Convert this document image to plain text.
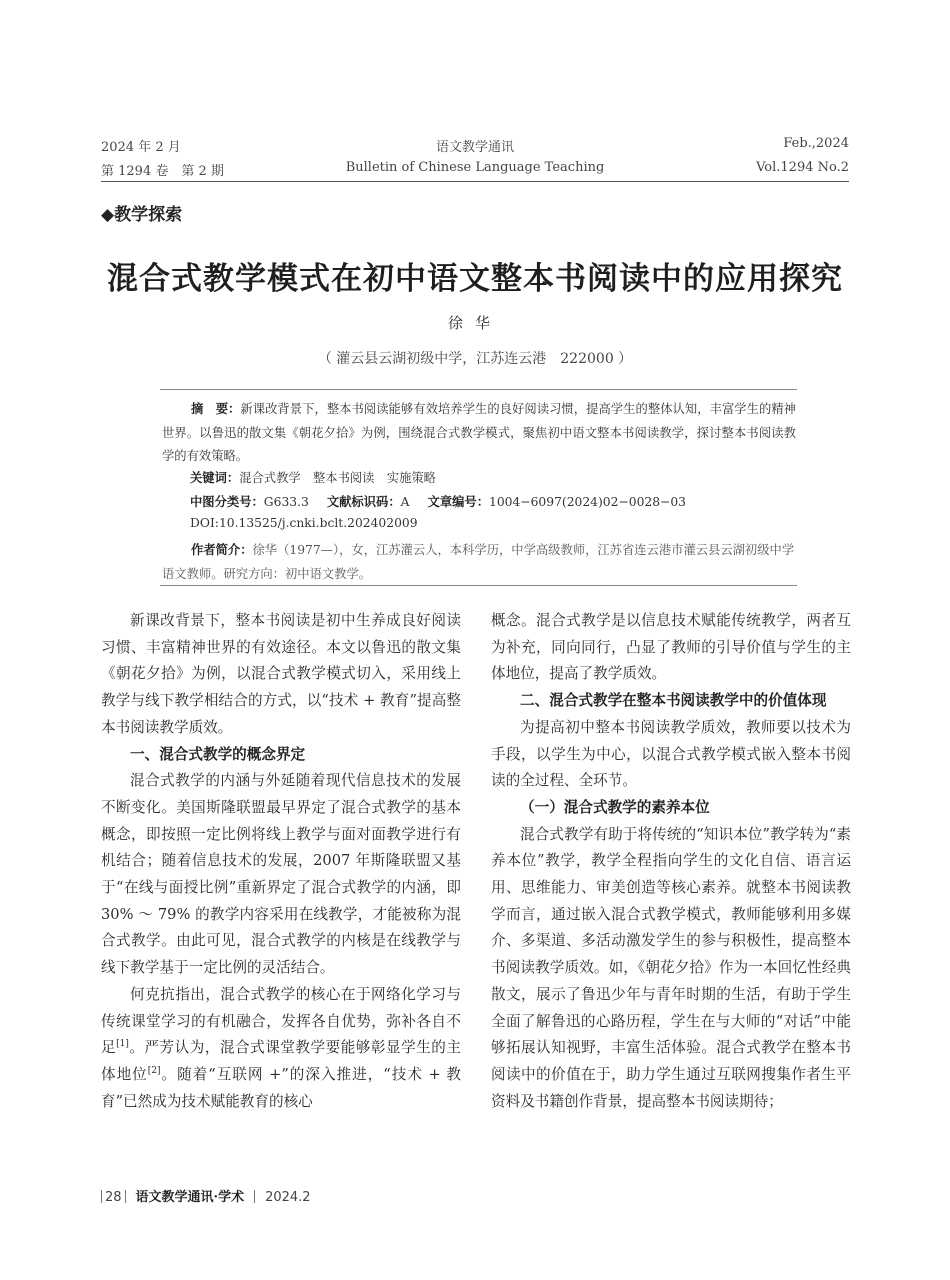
2024 年 2 月
第 1294 卷　第 2 期
语文教学通讯
Bulletin of Chinese Language Teaching
Feb.,2024
Vol.1294 No.2
◆教学探索
混合式教学模式在初中语文整本书阅读中的应用探究
徐华
（ 灌云县云湖初级中学，江苏连云港　222000 ）

摘　要：新课改背景下，整本书阅读能够有效培养学生的良好阅读习惯，提高学生的整体认知，丰富学生的精神世界。以鲁迅的散文集《朝花夕拾》为例，围绕混合式教学模式，聚焦初中语文整本书阅读教学，探讨整本书阅读教学的有效策略。

关键词：混合式教学　整本书阅读　实施策略
中图分类号：G633.3 文献标识码：A 文章编号：1004−6097(2024)02−0028−03
DOI:10.13525/j.cnki.bclt.202402009

作者简介：徐华（1977—），女，江苏灌云人，本科学历，中学高级教师，江苏省连云港市灌云县云湖初级中学语文教师。研究方向：初中语文教学。

新课改背景下，整本书阅读是初中生养成良好阅读习惯、丰富精神世界的有效途径。本文以鲁迅的散文集《朝花夕拾》为例，以混合式教学模式切入，采用线上教学与线下教学相结合的方式，以“技术 + 教育”提高整本书阅读教学质效。

一、混合式教学的概念界定

混合式教学的内涵与外延随着现代信息技术的发展不断变化。美国斯隆联盟最早界定了混合式教学的基本概念，即按照一定比例将线上教学与面对面教学进行有机结合；随着信息技术的发展，2007 年斯隆联盟又基于“在线与面授比例”重新界定了混合式教学的内涵，即 30% ～ 79% 的教学内容采用在线教学，才能被称为混合式教学。由此可见，混合式教学的内核是在线教学与线下教学基于一定比例的灵活结合。

何克抗指出，混合式教学的核心在于网络化学习与传统课堂学习的有机融合，发挥各自优势，弥补各自不足[1]。严芳认为，混合式课堂教学要能够彰显学生的主体地位[2]。随着“互联网 +”的深入推进，“技术 + 教育”已然成为技术赋能教育的核心

概念。混合式教学是以信息技术赋能传统教学，两者互为补充，同向同行，凸显了教师的引导价值与学生的主体地位，提高了教学质效。

二、混合式教学在整本书阅读教学中的价值体现

为提高初中整本书阅读教学质效，教师要以技术为手段，以学生为中心，以混合式教学模式嵌入整本书阅读的全过程、全环节。

（一）混合式教学的素养本位

混合式教学有助于将传统的“知识本位”教学转为“素养本位”教学，教学全程指向学生的文化自信、语言运用、思维能力、审美创造等核心素养。就整本书阅读教学而言，通过嵌入混合式教学模式，教师能够利用多媒介、多渠道、多活动激发学生的参与积极性，提高整本书阅读教学质效。如，《朝花夕拾》作为一本回忆性经典散文，展示了鲁迅少年与青年时期的生活，有助于学生全面了解鲁迅的心路历程，学生在与大师的“对话”中能够拓展认知视野，丰富生活体验。混合式教学在整本书阅读中的价值在于，助力学生通过互联网搜集作者生平资料及书籍创作背景，提高整本书阅读期待；

28 语文教学通讯·学术 2024.2
